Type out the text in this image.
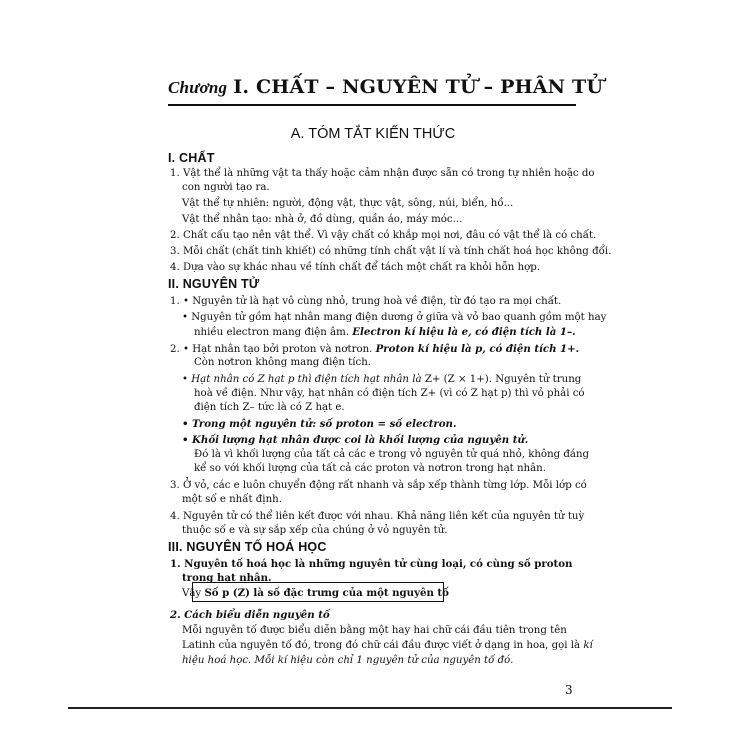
Chương I. CHẤT – NGUYÊN TỬ – PHÂN TỬ
A. TÓM TẮT KIẾN THỨC
I. CHẤT
1. Vật thể là những vật ta thấy hoặc cảm nhận được sẵn có trong tự nhiên hoặc do
con người tạo ra.
Vật thể tự nhiên: người, động vật, thực vật, sông, núi, biển, hồ...
Vật thể nhân tạo: nhà ở, đồ dùng, quần áo, máy móc...
2. Chất cấu tạo nên vật thể. Vì vậy chất có khắp mọi nơi, đâu có vật thể là có chất.
3. Mỗi chất (chất tinh khiết) có những tính chất vật lí và tính chất hoá học không đổi.
4. Dựa vào sự khác nhau về tính chất để tách một chất ra khỏi hỗn hợp.
II. NGUYÊN TỬ
1. • Nguyên tử là hạt vô cùng nhỏ, trung hoà về điện, từ đó tạo ra mọi chất.
• Nguyên tử gồm hạt nhân mang điện dương ở giữa và vỏ bao quanh gồm một hay
nhiều electron mang điện âm. Electron kí hiệu là e, có điện tích là 1–.
2. • Hạt nhân tạo bởi proton và nơtron. Proton kí hiệu là p, có điện tích 1+.
Còn nơtron không mang điện tích.
• Hạt nhân có Z hạt p thì điện tích hạt nhân là Z+ (Z × 1+). Nguyên tử trung
hoà về điện. Như vậy, hạt nhân có điện tích Z+ (vì có Z hạt p) thì vỏ phải có
điện tích Z– tức là có Z hạt e.
• Trong một nguyên tử: số proton = số electron.
• Khối lượng hạt nhân được coi là khối lượng của nguyên tử.
Đó là vì khối lượng của tất cả các e trong vỏ nguyên tử quá nhỏ, không đáng
kể so với khối lượng của tất cả các proton và nơtron trong hạt nhân.
3. Ở vỏ, các e luôn chuyển động rất nhanh và sắp xếp thành từng lớp. Mỗi lớp có
một số e nhất định.
4. Nguyên tử có thể liên kết được với nhau. Khả năng liên kết của nguyên tử tuỳ
thuộc số e và sự sắp xếp của chúng ở vỏ nguyên tử.
III. NGUYÊN TỐ HOÁ HỌC
1. Nguyên tố hoá học là những nguyên tử cùng loại, có cùng số proton
trong hạt nhân.
Vậy Số p (Z) là số đặc trưng của một nguyên tố
2. Cách biểu diễn nguyên tố
Mỗi nguyên tố được biểu diễn bằng một hay hai chữ cái đầu tiên trong tên
Latinh của nguyên tố đó, trong đó chữ cái đầu được viết ở dạng in hoa, gọi là kí
hiệu hoá học. Mỗi kí hiệu còn chỉ 1 nguyên tử của nguyên tố đó.
3
